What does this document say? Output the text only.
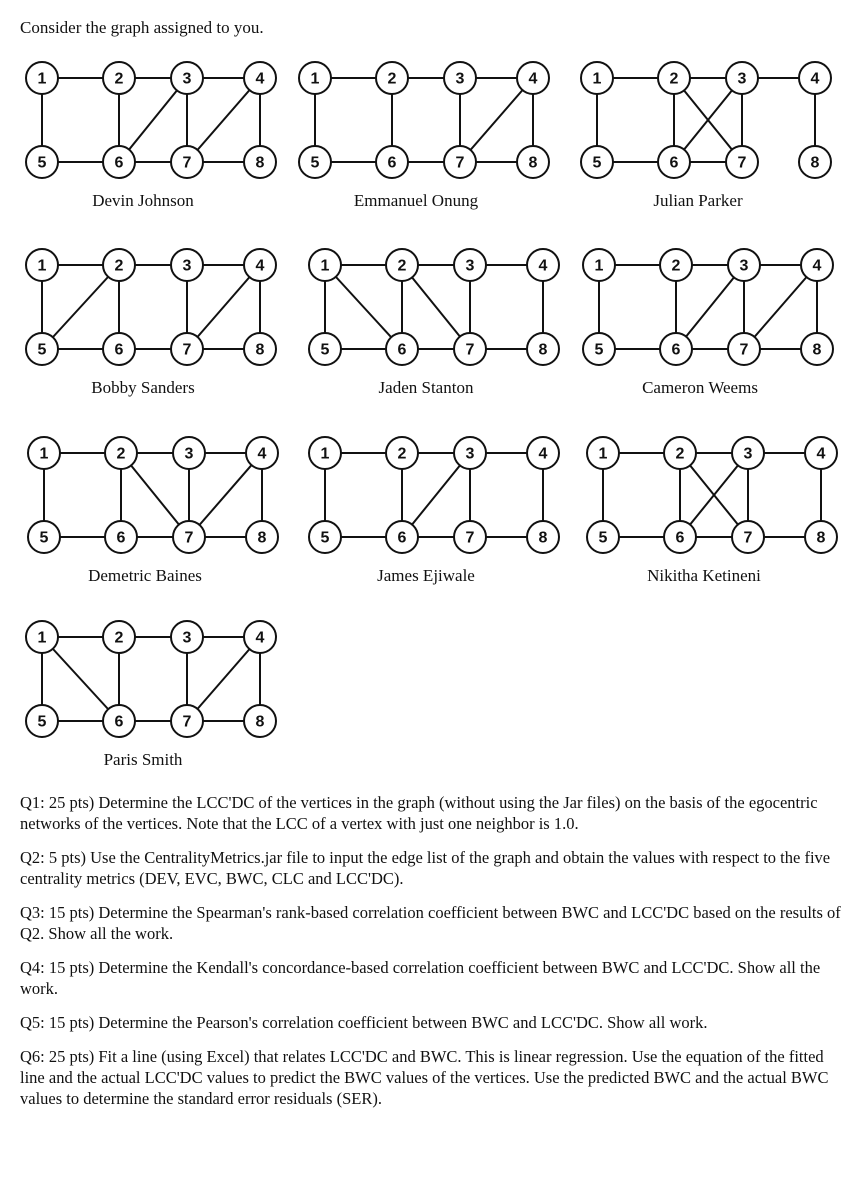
Consider the graph assigned to you.
1	2	3	4
5	6	7	8
Devin Johnson
1	2	3	4
5	6	7	8
Emmanuel Onung
1	2	3	4
5	6	7	8
Julian Parker
1	2	3	4
5	6	7	8
Bobby Sanders
1	2	3	4
5	6	7	8
Jaden Stanton
1	2	3	4
5	6	7	8
Cameron Weems
1	2	3	4
5	6	7	8
Demetric Baines
1	2	3	4
5	6	7	8
James Ejiwale
1	2	3	4
5	6	7	8
Nikitha Ketineni
1	2	3	4
5	6	7	8
Paris Smith

Q1: 25 pts) Determine the LCC'DC of the vertices in the graph (without using the Jar files) on the basis of the egocentric networks of the vertices. Note that the LCC of a vertex with just one neighbor is 1.0.

Q2: 5 pts) Use the CentralityMetrics.jar file to input the edge list of the graph and obtain the values with respect to the five centrality metrics (DEV, EVC, BWC, CLC and LCC'DC).

Q3: 15 pts) Determine the Spearman's rank-based correlation coefficient between BWC and LCC'DC based on the results of Q2. Show all the work.

Q4: 15 pts) Determine the Kendall's concordance-based correlation coefficient between BWC and LCC'DC. Show all the work.

Q5: 15 pts) Determine the Pearson's correlation coefficient between BWC and LCC'DC. Show all work.

Q6: 25 pts) Fit a line (using Excel) that relates LCC'DC and BWC. This is linear regression. Use the equation of the fitted line and the actual LCC'DC values to predict the BWC values of the vertices. Use the predicted BWC and the actual BWC values to determine the standard error residuals (SER).
